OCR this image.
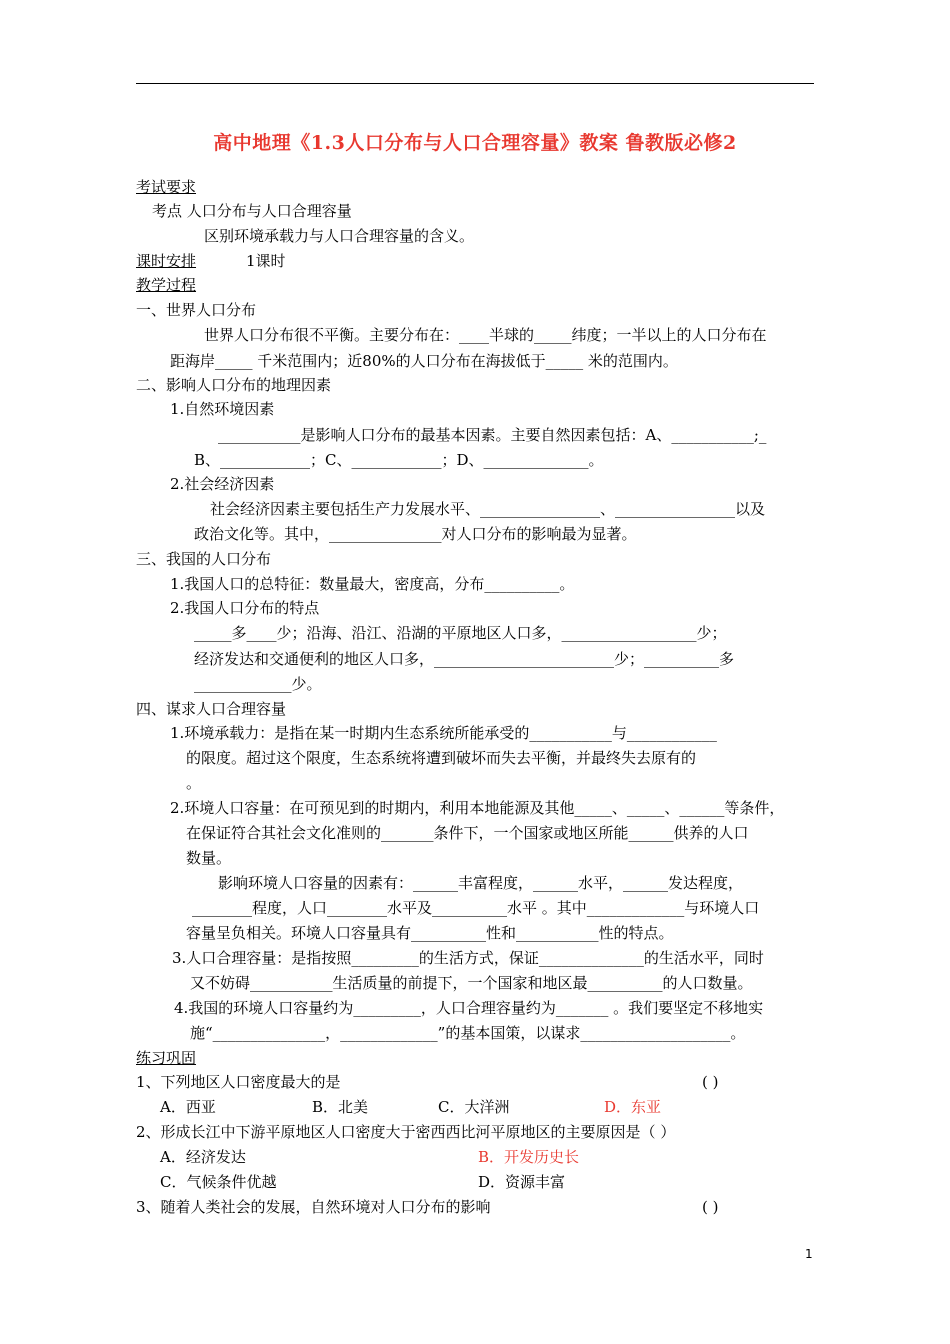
高中地理《1.3人口分布与人口合理容量》教案 鲁教版必修2
考试要求
考点 人口分布与人口合理容量
区别环境承载力与人口合理容量的含义。
课时安排	1课时
教学过程
一、世界人口分布
世界人口分布很不平衡。主要分布在：____半球的_____纬度；一半以上的人口分布在
距海岸_____ 千米范围内；近80%的人口分布在海拔低于_____ 米的范围内。
二、影响人口分布的地理因素
1.自然环境因素
___________是影响人口分布的最基本因素。主要自然因素包括：A、___________;_
B、____________；C、____________；D、______________。
2.社会经济因素
社会经济因素主要包括生产力发展水平、________________、________________以及
政治文化等。其中，_______________对人口分布的影响最为显著。
三、我国的人口分布
1.我国人口的总特征：数量最大，密度高，分布__________。
2.我国人口分布的特点
_____多____少；沿海、沿江、沿湖的平原地区人口多，__________________少；
经济发达和交通便利的地区人口多，________________________少；__________多
_____________少。
四、谋求人口合理容量
1.环境承载力：是指在某一时期内生态系统所能承受的___________与____________
的限度。超过这个限度，生态系统将遭到破坏而失去平衡，并最终失去原有的
。
2.环境人口容量：在可预见到的时期内，利用本地能源及其他_____、_____、______等条件，
在保证符合其社会文化准则的_______条件下，一个国家或地区所能______供养的人口
数量。
影响环境人口容量的因素有：______丰富程度，______水平，______发达程度，
________程度，人口________水平及__________水平 。其中_____________与环境人口
容量呈负相关。环境人口容量具有__________性和___________性的特点。
3.人口合理容量：是指按照_________的生活方式，保证______________的生活水平，同时
又不妨碍___________生活质量的前提下，一个国家和地区最__________的人口数量。
4.我国的环境人口容量约为_________，人口合理容量约为_______ 。我们要坚定不移地实
施“_______________，_____________”的基本国策，以谋求____________________。
练习巩固
1、下列地区人口密度最大的是	( )
A．西亚	B．北美	C．大洋洲	D．东亚
2、形成长江中下游平原地区人口密度大于密西西比河平原地区的主要原因是（ ）
A．经济发达	B．开发历史长
C．气候条件优越	D．资源丰富
3、随着人类社会的发展，自然环境对人口分布的影响	( )
1
